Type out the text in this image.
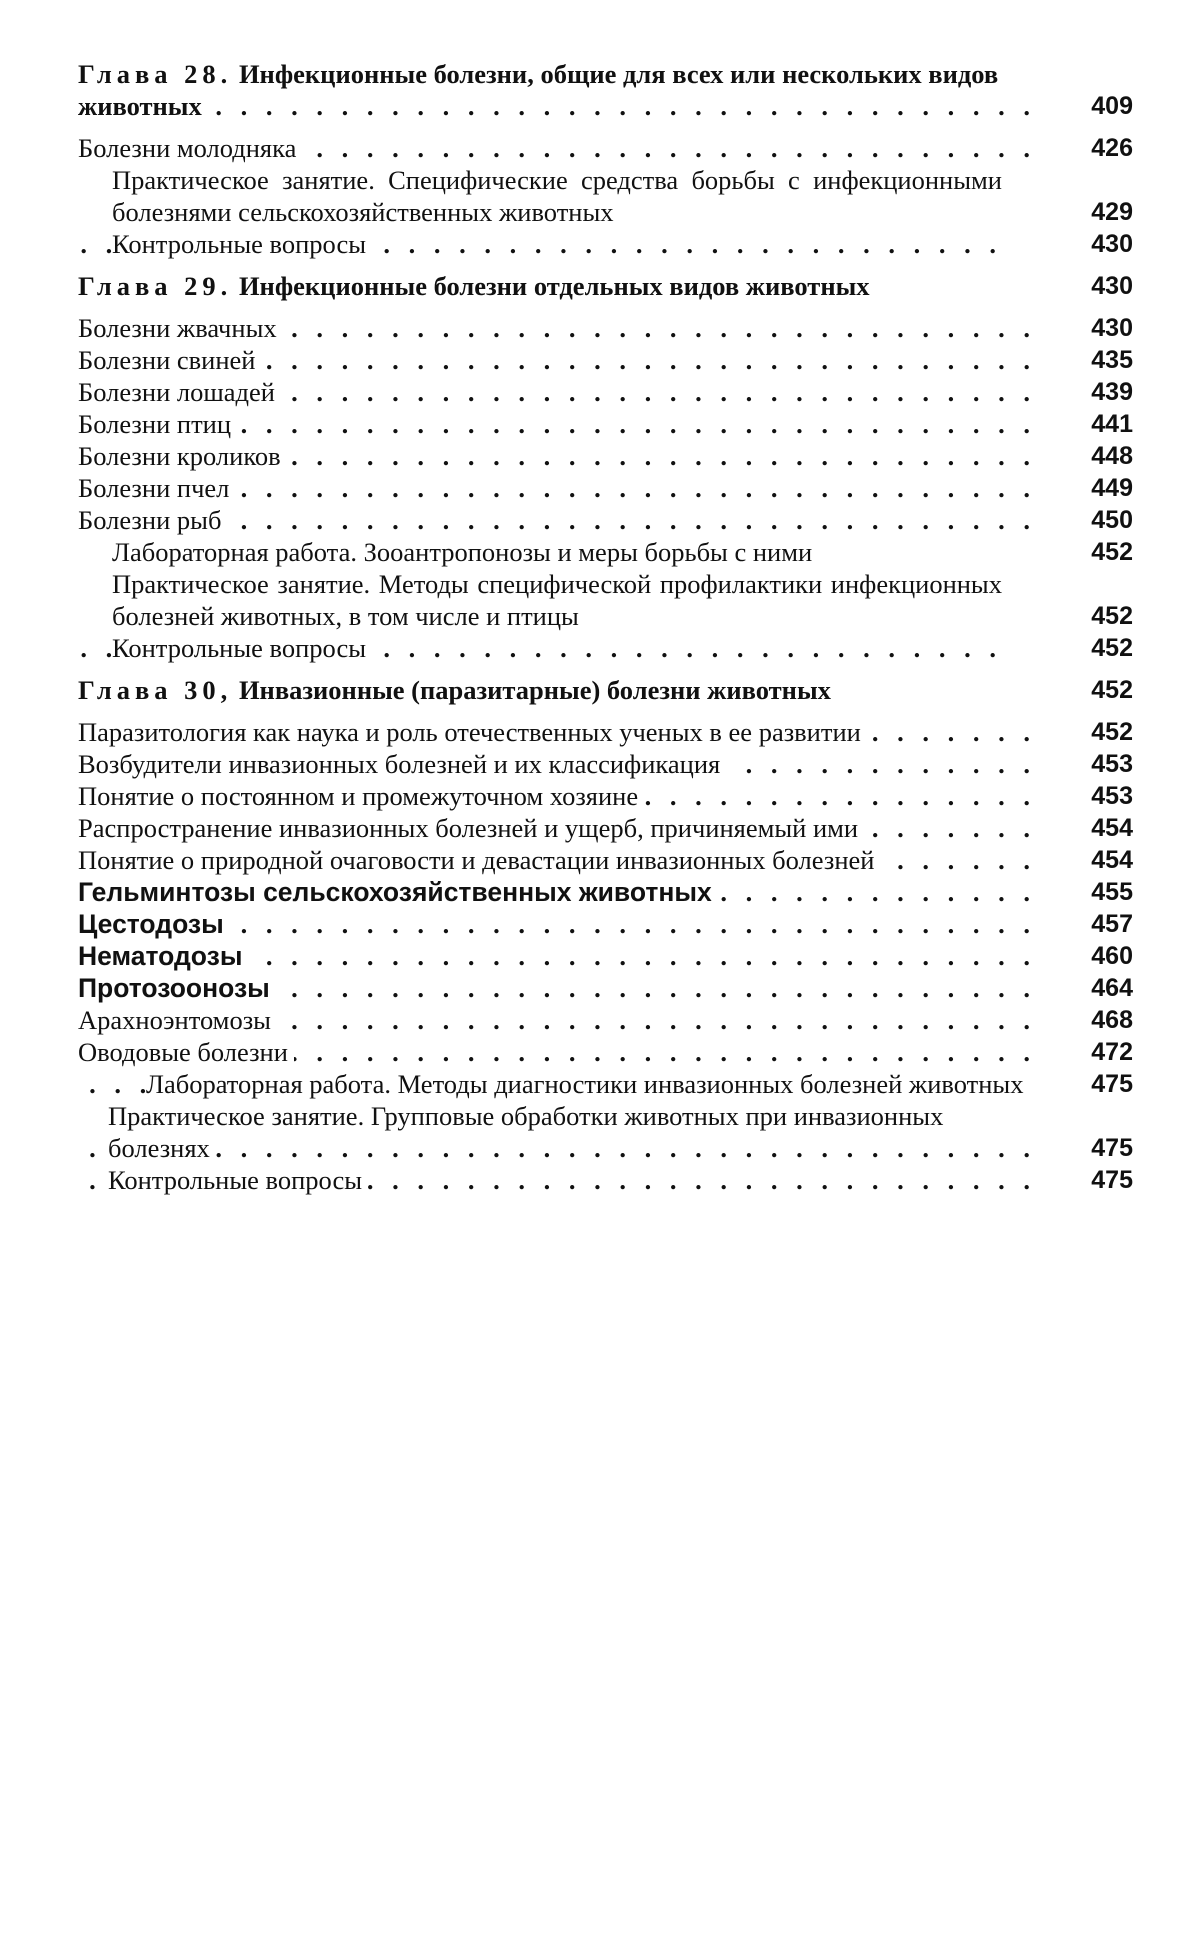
Глава 28. Инфекционные болезни, общие для всех или нескольких видов животных . . .	409
Болезни молодняка . . .	426
Практическое занятие. Специфические средства борьбы с инфекционными болезнями сельскохозяйственных животных	429
Контрольные вопросы . . .	430
Глава 29. Инфекционные болезни отдельных видов животных	430
Болезни жвачных . . .	430
Болезни свиней . . .	435
Болезни лошадей . . .	439
Болезни птиц . . .	441
Болезни кроликов . . .	448
Болезни пчел . . .	449
Болезни рыб . . .	450
Лабораторная работа. Зооантропонозы и меры борьбы с ними	452
Практическое занятие. Методы специфической профилактики инфекционных болезней животных, в том числе и птицы	452
Контрольные вопросы . . .	452
Глава 30, Инвазионные (паразитарные) болезни животных	452
Паразитология как наука и роль отечественных ученых в ее развитии . . .	452
Возбудители инвазионных болезней и их классификация . . .	453
Понятие о постоянном и промежуточном хозяине . . .	453
Распространение инвазионных болезней и ущерб, причиняемый ими . . .	454
Понятие о природной очаговости и девастации инвазионных болезней . . .	454
Гельминтозы сельскохозяйственных животных . . .	455
Цестодозы . . .	457
Нематодозы . . .	460
Протозоонозы . . .	464
Арахноэнтомозы . . .	468
Оводовые болезни . . .	472
Лабораторная работа. Методы диагностики инвазионных болезней животных . . .	475
Практическое занятие. Групповые обработки животных при инвазионных болезнях . . .	475
Контрольные вопросы . . .	475
